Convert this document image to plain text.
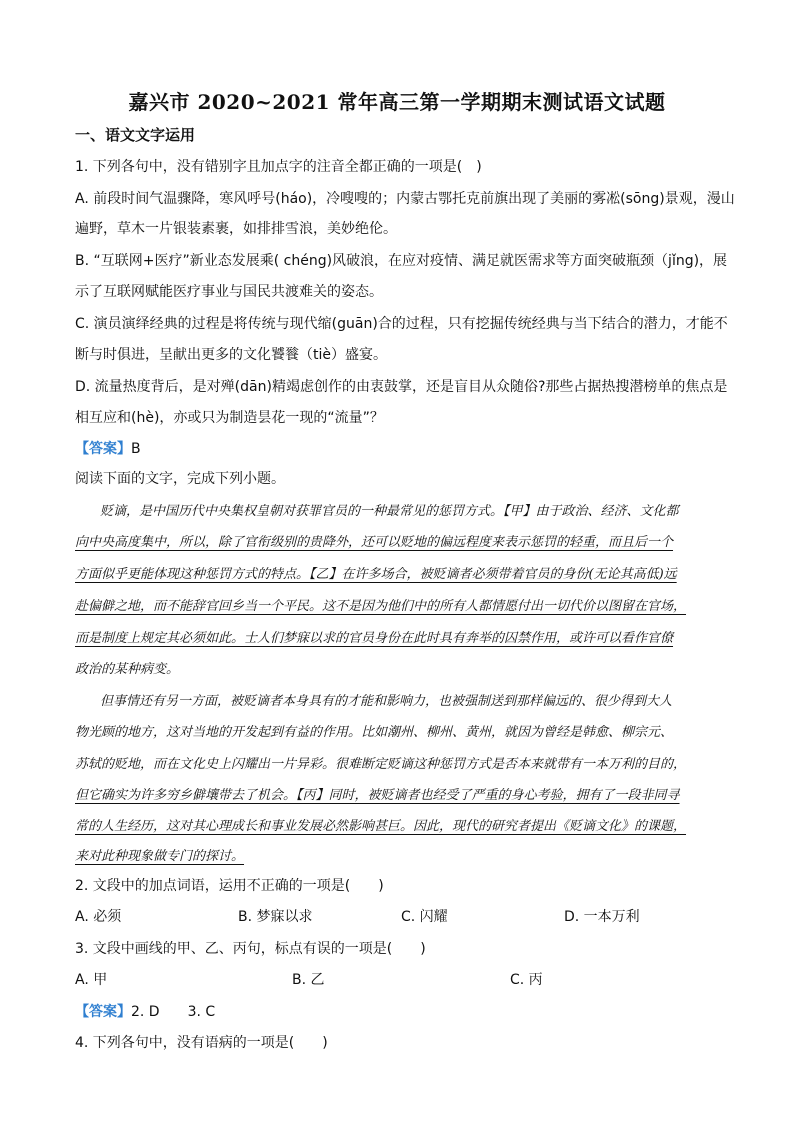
嘉兴市 2020~2021 常年高三第一学期期末测试语文试题
一、语文文字运用
1. 下列各句中，没有错别字且加点字的注音全都正确的一项是(　)
A. 前段时间气温骤降，寒风呼号(háo)，冷嗖嗖的；内蒙古鄂托克前旗出现了美丽的雾凇(sōng)景观，漫山
遍野，草木一片银装素裹，如排排雪浪，美妙绝伦。
B. “互联网+医疗”新业态发展乘( chéng)风破浪，在应对疫情、满足就医需求等方面突破瓶颈（jǐng)，展
示了互联网赋能医疗事业与国民共渡难关的姿态。
C. 演员演绎经典的过程是将传统与现代缩(guān)合的过程，只有挖掘传统经典与当下结合的潜力，才能不
断与时俱进，呈献出更多的文化饕餮（tiè）盛宴。
D. 流量热度背后，是对殚(dān)精竭虑创作的由衷鼓掌，还是盲目从众随俗?那些占据热搜潜榜单的焦点是
相互应和(hè)，亦或只为制造昙花一现的“流量”？
【答案】B
阅读下面的文字，完成下列小题。
贬谪，是中国历代中央集权皇朝对获罪官员的一种最常见的惩罚方式。【甲】由于政治、经济、文化都
向中央高度集中，所以，除了官衔级别的贵降外，还可以贬地的偏远程度来表示惩罚的轻重，而且后一个
方面似乎更能体现这种惩罚方式的特点。【乙】在许多场合，被贬谪者必须带着官员的身份(无论其高低)远
赴偏僻之地，而不能辞官回乡当一个平民。这不是因为他们中的所有人都情愿付出一切代价以图留在官场，
而是制度上规定其必须如此。士人们梦寐以求的官员身份在此时具有奔举的囚禁作用，或许可以看作官僚
政治的某种病变。
但事情还有另一方面，被贬谪者本身具有的才能和影响力，也被强制送到那样偏远的、很少得到大人
物光顾的地方，这对当地的开发起到有益的作用。比如潮州、柳州、黄州，就因为曾经是韩愈、柳宗元、
苏轼的贬地，而在文化史上闪耀出一片异彩。很难断定贬谪这种惩罚方式是否本来就带有一本万利的目的，
但它确实为许多穷乡僻壤带去了机会。【丙】同时，被贬谪者也经受了严重的身心考验，拥有了一段非同寻
常的人生经历，这对其心理成长和事业发展必然影响甚巨。因此，现代的研究者提出《贬谪文化》的课题，
来对此种现象做专门的探讨。
2. 文段中的加点词语，运用不正确的一项是(　　)
A. 必须	B. 梦寐以求	C. 闪耀	D. 一本万利
3. 文段中画线的甲、乙、丙句，标点有误的一项是(　　)
A. 甲	B. 乙	C. 丙
【答案】2. D　　3. C
4. 下列各句中，没有语病的一项是(　　)
